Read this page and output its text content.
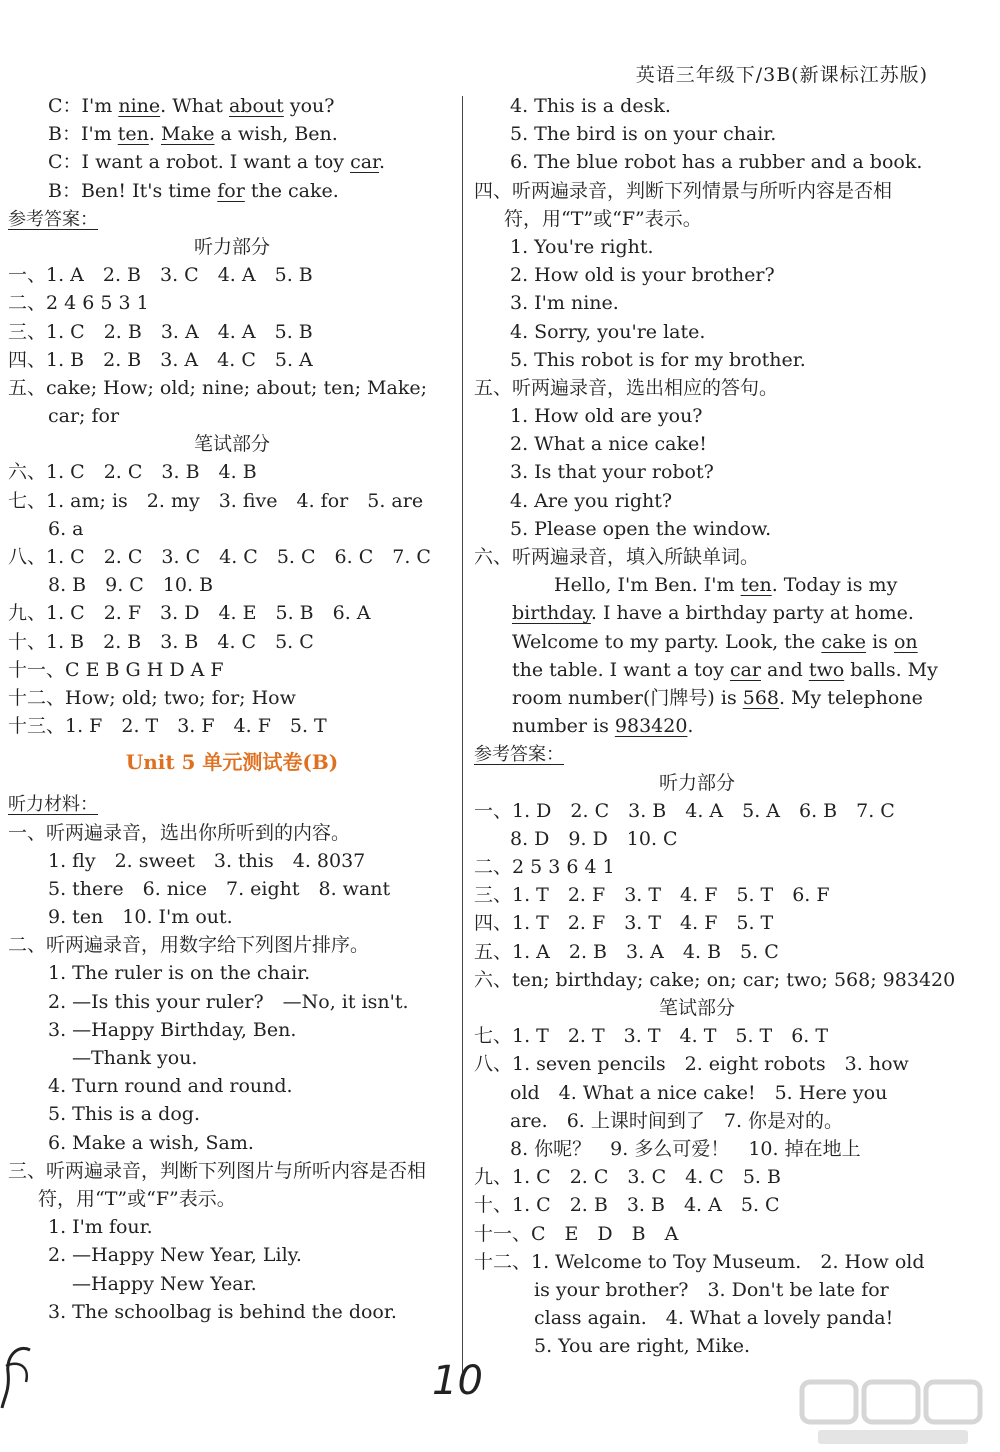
英语三年级下/3B(新课标江苏版)
C：I'm nine. What about you?
B：I'm ten. Make a wish, Ben.
C：I want a robot. I want a toy car.
B：Ben! It's time for the cake.
参考答案：
听力部分
一、1. A　2. B　3. C　4. A　5. B
二、2 4 6 5 3 1
三、1. C　2. B　3. A　4. A　5. B
四、1. B　2. B　3. A　4. C　5. A
五、cake; How; old; nine; about; ten; Make;
car; for
笔试部分
六、1. C　2. C　3. B　4. B
七、1. am; is　2. my　3. five　4. for　5. are
6. a
八、1. C　2. C　3. C　4. C　5. C　6. C　7. C
8. B　9. C　10. B
九、1. C　2. F　3. D　4. E　5. B　6. A
十、1. B　2. B　3. B　4. C　5. C
十一、C E B G H D A F
十二、How; old; two; for; How
十三、1. F　2. T　3. F　4. F　5. T
Unit 5 单元测试卷(B)
听力材料：
一、听两遍录音，选出你所听到的内容。
1. fly　2. sweet　3. this　4. 8037
5. there　6. nice　7. eight　8. want
9. ten　10. I'm out.
二、听两遍录音，用数字给下列图片排序。
1. The ruler is on the chair.
2. —Is this your ruler?　—No, it isn't.
3. —Happy Birthday, Ben.
—Thank you.
4. Turn round and round.
5. This is a dog.
6. Make a wish, Sam.
三、听两遍录音，判断下列图片与所听内容是否相
符，用“T”或“F”表示。
1. I'm four.
2. —Happy New Year, Lily.
—Happy New Year.
3. The schoolbag is behind the door.
4. This is a desk.
5. The bird is on your chair.
6. The blue robot has a rubber and a book.
四、听两遍录音，判断下列情景与所听内容是否相
符，用“T”或“F”表示。
1. You're right.
2. How old is your brother?
3. I'm nine.
4. Sorry, you're late.
5. This robot is for my brother.
五、听两遍录音，选出相应的答句。
1. How old are you?
2. What a nice cake!
3. Is that your robot?
4. Are you right?
5. Please open the window.
六、听两遍录音，填入所缺单词。
Hello, I'm Ben. I'm ten. Today is my
birthday. I have a birthday party at home.
Welcome to my party. Look, the cake is on
the table. I want a toy car and two balls. My
room number(门牌号) is 568. My telephone
number is 983420.
参考答案：
听力部分
一、1. D　2. C　3. B　4. A　5. A　6. B　7. C
8. D　9. D　10. C
二、2 5 3 6 4 1
三、1. T　2. F　3. T　4. F　5. T　6. F
四、1. T　2. F　3. T　4. F　5. T
五、1. A　2. B　3. A　4. B　5. C
六、ten; birthday; cake; on; car; two; 568; 983420
笔试部分
七、1. T　2. T　3. T　4. T　5. T　6. T
八、1. seven pencils　2. eight robots　3. how
old　4. What a nice cake!　5. Here you
are.　6. 上课时间到了　7. 你是对的。
8. 你呢？　9. 多么可爱！　10. 掉在地上
九、1. C　2. C　3. C　4. C　5. B
十、1. C　2. B　3. B　4. A　5. C
十一、C　E　D　B　A
十二、1. Welcome to Toy Museum.　2. How old
is your brother?　3. Don't be late for
class again.　4. What a lovely panda!
5. You are right, Mike.
10
